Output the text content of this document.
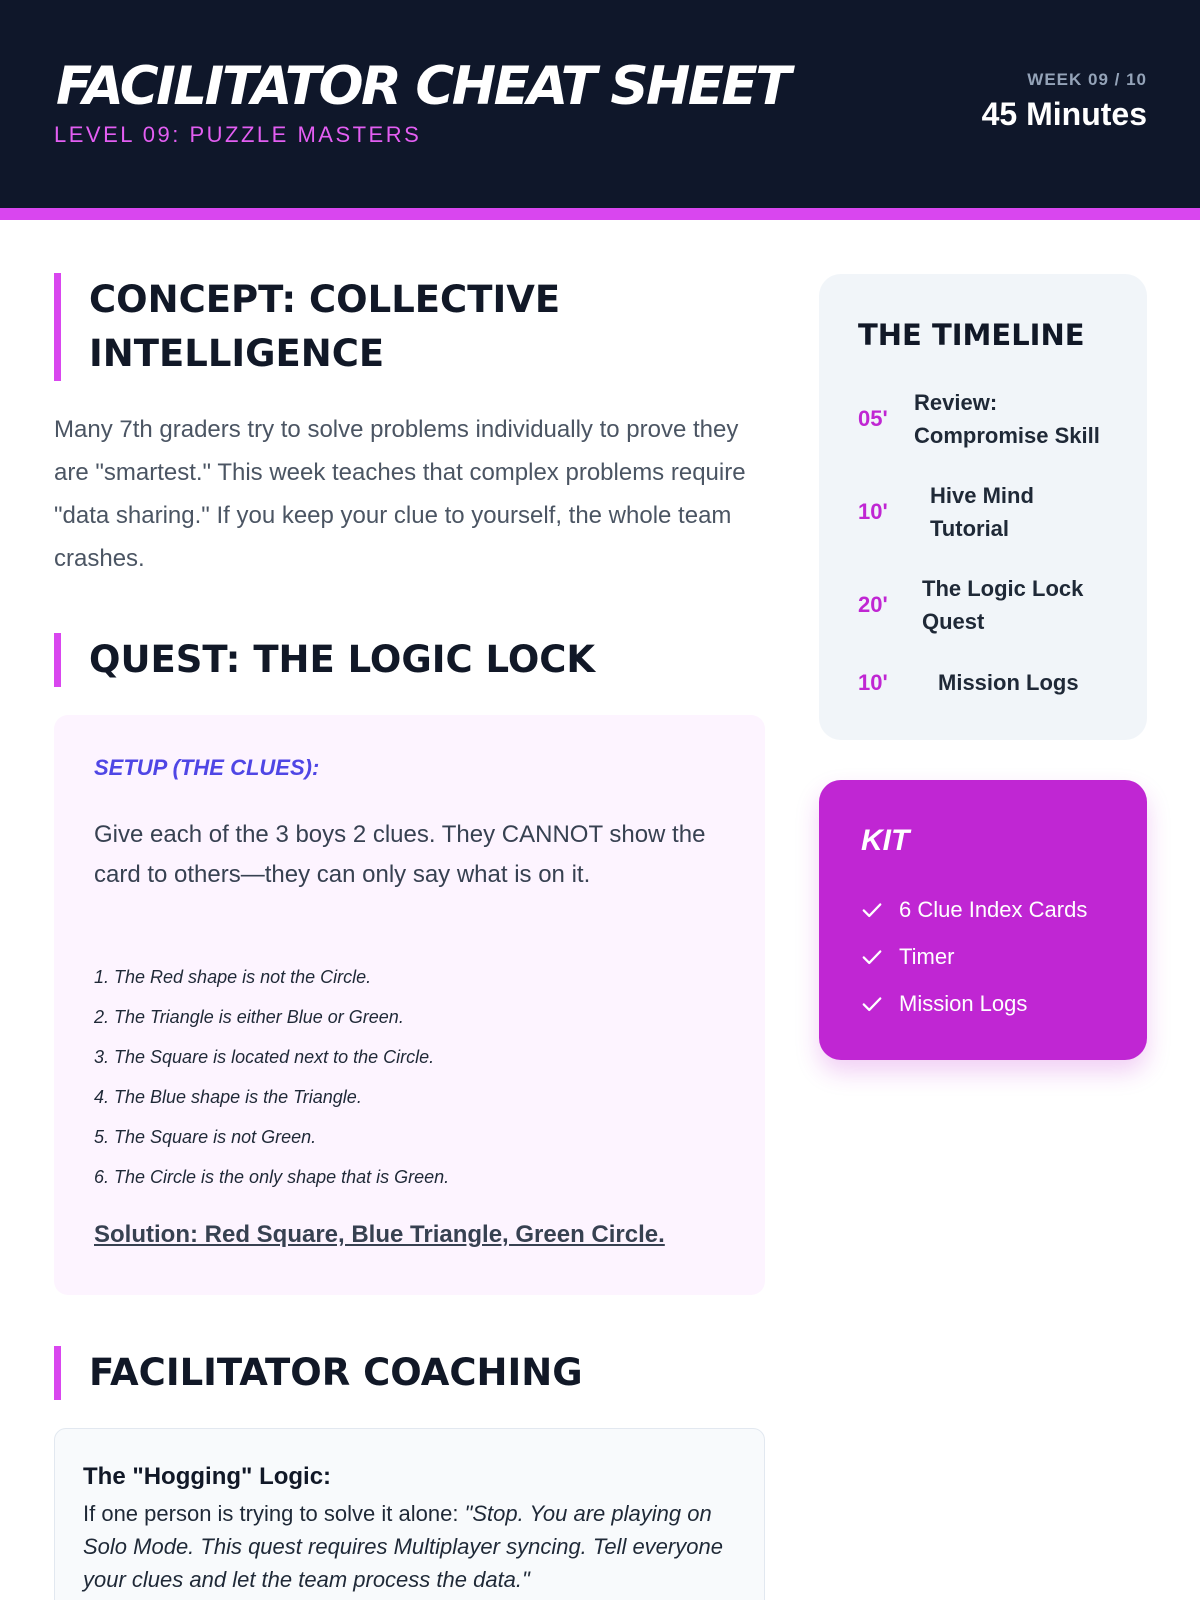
FACILITATOR CHEAT SHEET
LEVEL 09: PUZZLE MASTERS
WEEK 09 / 10
45 Minutes
CONCEPT: COLLECTIVE INTELLIGENCE

Many 7th graders try to solve problems individually to prove they are "smartest." This week teaches that complex problems require "data sharing." If you keep your clue to yourself, the whole team crashes.

QUEST: THE LOGIC LOCK
SETUP (THE CLUES):

Give each of the 3 boys 2 clues. They CANNOT show the card to others—they can only say what is on it.

1. The Red shape is not the Circle.
2. The Triangle is either Blue or Green.
3. The Square is located next to the Circle.
4. The Blue shape is the Triangle.
5. The Square is not Green.
6. The Circle is the only shape that is Green.
Solution: Red Square, Blue Triangle, Green Circle.
FACILITATOR COACHING
The "Hogging" Logic:

If one person is trying to solve it alone: "Stop. You are playing on Solo Mode. This quest requires Multiplayer syncing. Tell everyone your clues and let the team process the data."

THE TIMELINE
05'
Review: Compromise Skill
10'
Hive Mind Tutorial
20'
The Logic Lock Quest
10'	Mission Logs
KIT
6 Clue Index Cards
Timer
Mission Logs
